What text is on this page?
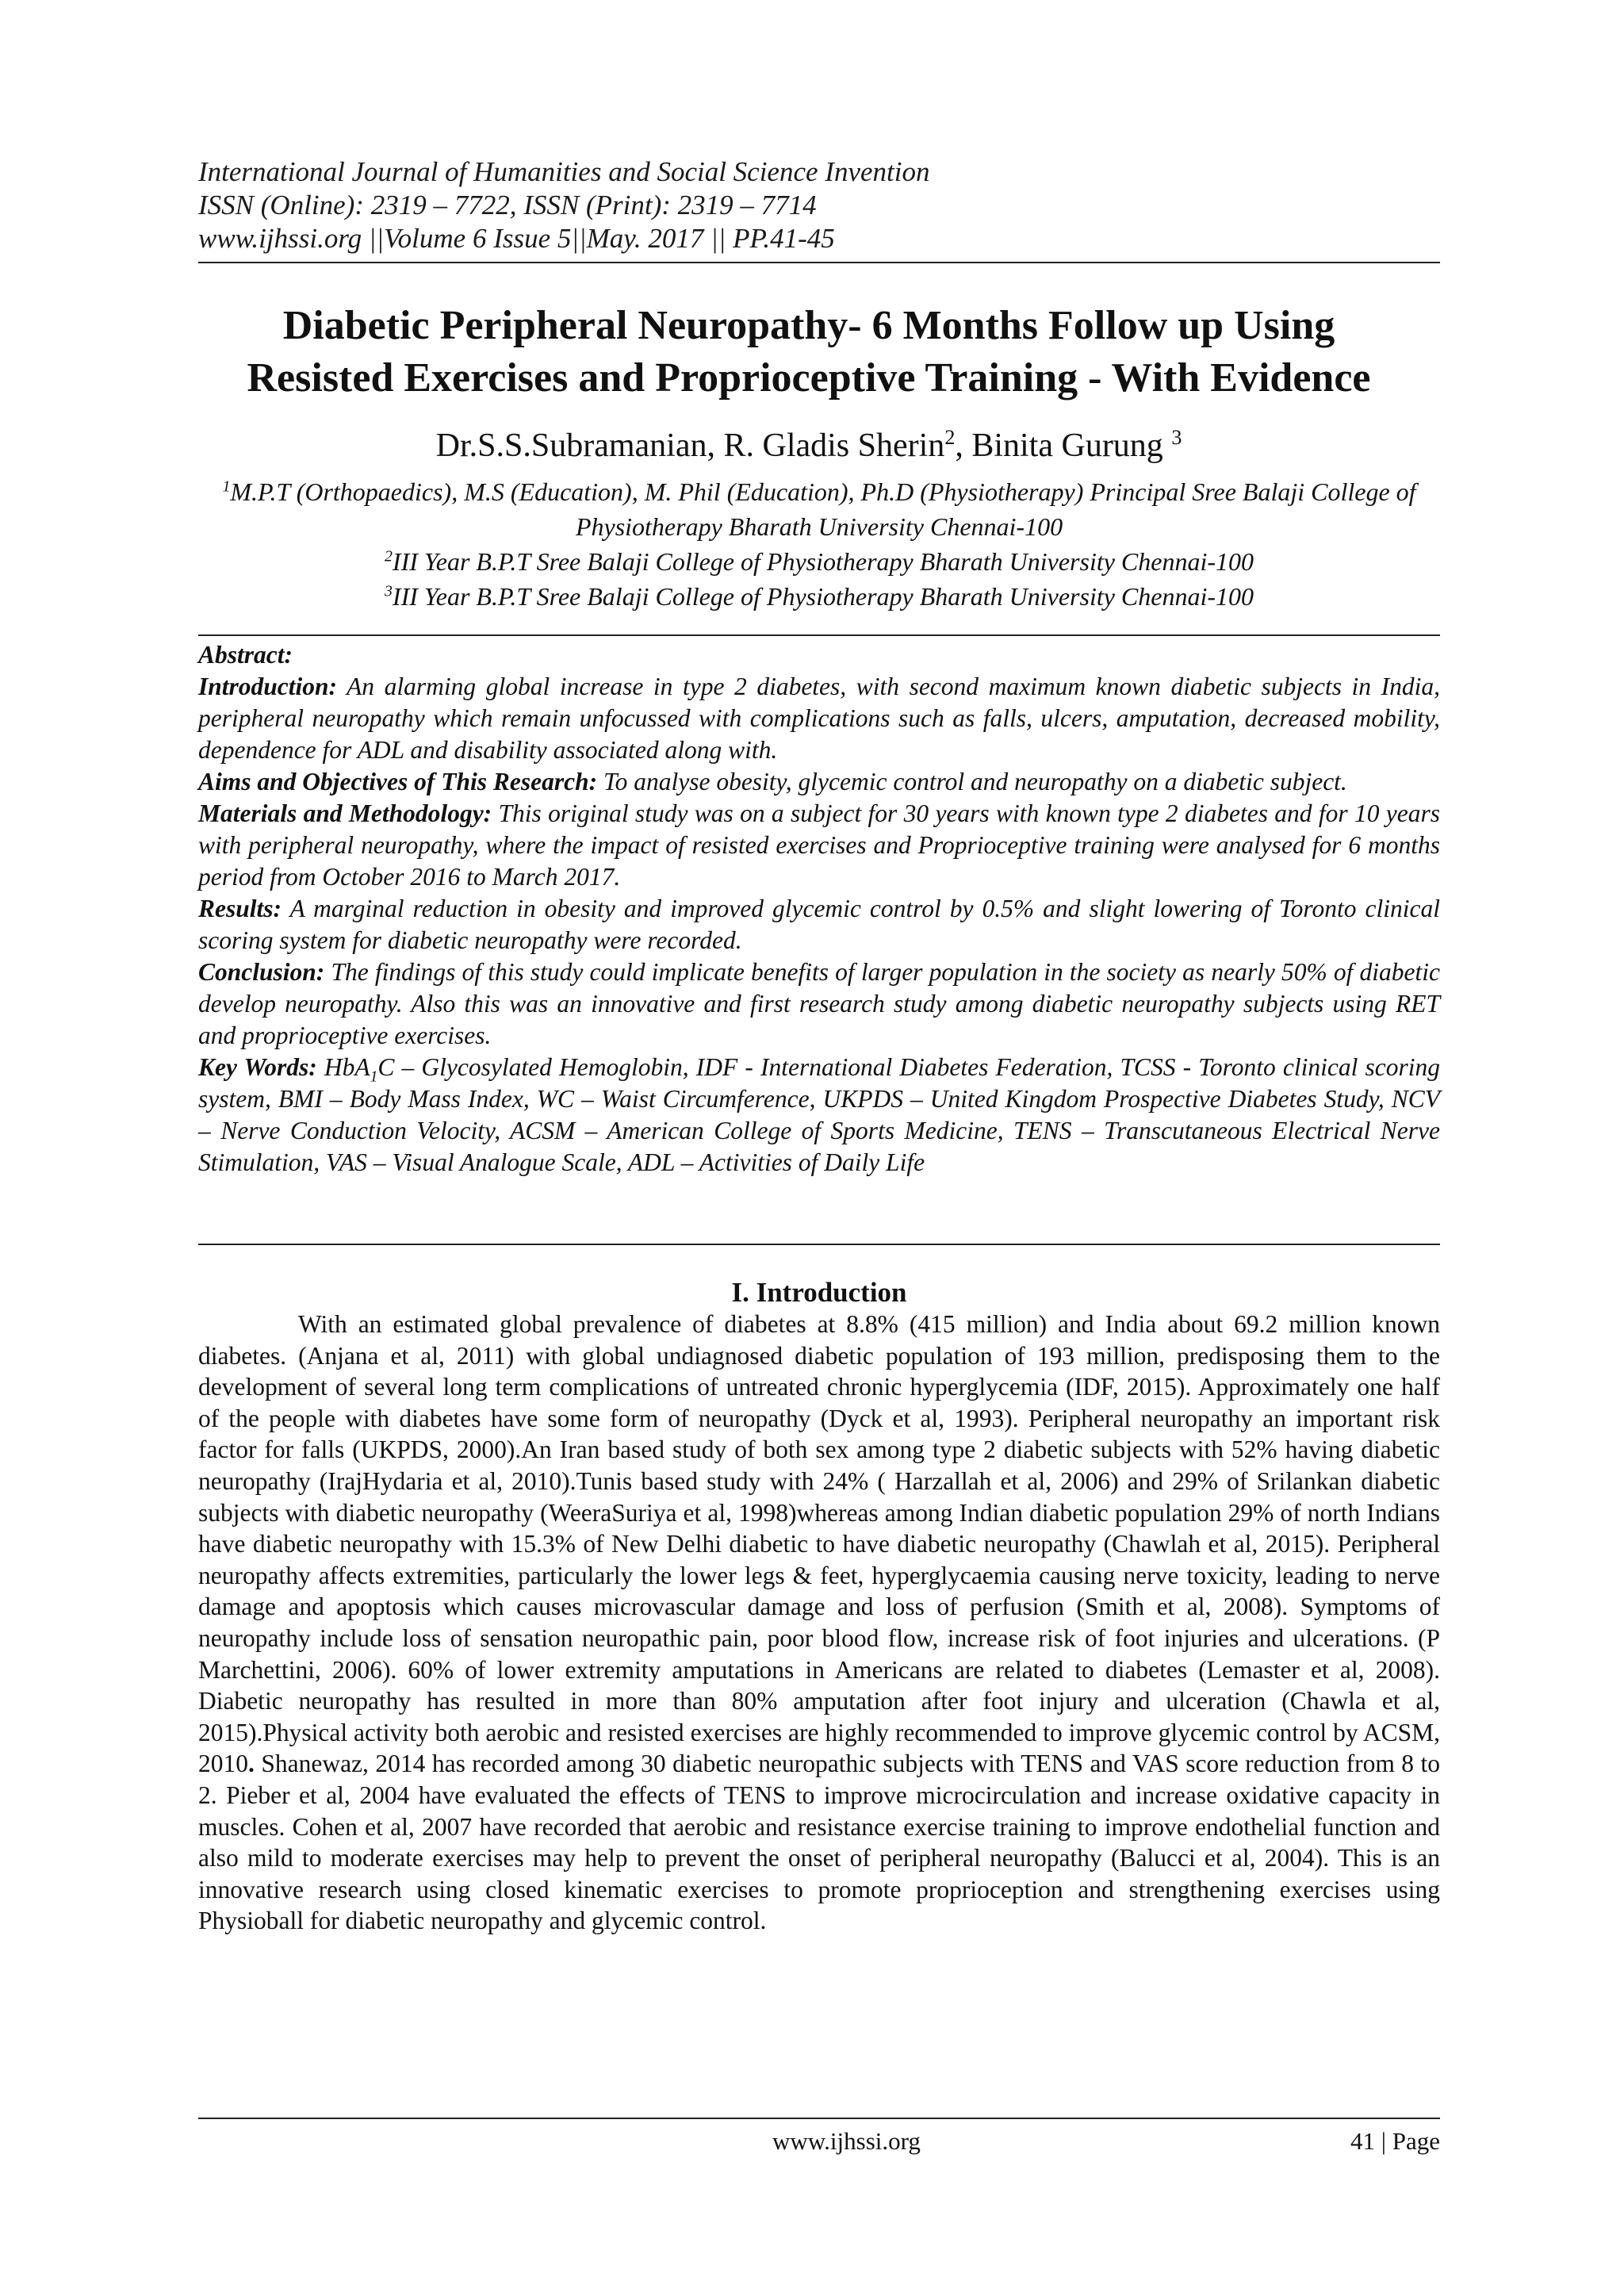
International Journal of Humanities and Social Science Invention
ISSN (Online): 2319 – 7722, ISSN (Print): 2319 – 7714
www.ijhssi.org ||Volume 6 Issue 5||May. 2017 || PP.41-45
Diabetic Peripheral Neuropathy- 6 Months Follow up Using
Resisted Exercises and Proprioceptive Training - With Evidence
Dr.S.S.Subramanian, R. Gladis Sherin$^2$, Binita Gurung $^3$
$^1$M.P.T (Orthopaedics), M.S (Education), M. Phil (Education), Ph.D (Physiotherapy) Principal Sree Balaji College of Physiotherapy Bharath University Chennai-100
$^2$III Year B.P.T Sree Balaji College of Physiotherapy Bharath University Chennai-100
$^3$III Year B.P.T Sree Balaji College of Physiotherapy Bharath University Chennai-100

Abstract:

Introduction: An alarming global increase in type 2 diabetes, with second maximum known diabetic subjects in India, peripheral neuropathy which remain unfocussed with complications such as falls, ulcers, amputation, decreased mobility, dependence for ADL and disability associated along with.

Aims and Objectives of This Research: To analyse obesity, glycemic control and neuropathy on a diabetic subject.

Materials and Methodology: This original study was on a subject for 30 years with known type 2 diabetes and for 10 years with peripheral neuropathy, where the impact of resisted exercises and Proprioceptive training were analysed for 6 months period from October 2016 to March 2017.

Results: A marginal reduction in obesity and improved glycemic control by 0.5% and slight lowering of Toronto clinical scoring system for diabetic neuropathy were recorded.

Conclusion: The findings of this study could implicate benefits of larger population in the society as nearly 50% of diabetic develop neuropathy. Also this was an innovative and first research study among diabetic neuropathy subjects using RET and proprioceptive exercises.

Key Words: HbA$_1$C – Glycosylated Hemoglobin, IDF - International Diabetes Federation, TCSS - Toronto clinical scoring system, BMI – Body Mass Index, WC – Waist Circumference, UKPDS – United Kingdom Prospective Diabetes Study, NCV – Nerve Conduction Velocity, ACSM – American College of Sports Medicine, TENS – Transcutaneous Electrical Nerve Stimulation, VAS – Visual Analogue Scale, ADL – Activities of Daily Life

I. Introduction

With an estimated global prevalence of diabetes at 8.8% (415 million) and India about 69.2 million known diabetes. (Anjana et al, 2011) with global undiagnosed diabetic population of 193 million, predisposing them to the development of several long term complications of untreated chronic hyperglycemia (IDF, 2015). Approximately one half of the people with diabetes have some form of neuropathy (Dyck et al, 1993). Peripheral neuropathy an important risk factor for falls (UKPDS, 2000).An Iran based study of both sex among type 2 diabetic subjects with 52% having diabetic neuropathy (IrajHydaria et al, 2010).Tunis based study with 24% ( Harzallah et al, 2006) and 29% of Srilankan diabetic subjects with diabetic neuropathy (WeeraSuriya et al, 1998)whereas among Indian diabetic population 29% of north Indians have diabetic neuropathy with 15.3% of New Delhi diabetic to have diabetic neuropathy (Chawlah et al, 2015). Peripheral neuropathy affects extremities, particularly the lower legs & feet, hyperglycaemia causing nerve toxicity, leading to nerve damage and apoptosis which causes microvascular damage and loss of perfusion (Smith et al, 2008). Symptoms of neuropathy include loss of sensation neuropathic pain, poor blood flow, increase risk of foot injuries and ulcerations. (P Marchettini, 2006). 60% of lower extremity amputations in Americans are related to diabetes (Lemaster et al, 2008). Diabetic neuropathy has resulted in more than 80% amputation after foot injury and ulceration (Chawla et al, 2015).Physical activity both aerobic and resisted exercises are highly recommended to improve glycemic control by ACSM, 2010. Shanewaz, 2014 has recorded among 30 diabetic neuropathic subjects with TENS and VAS score reduction from 8 to 2. Pieber et al, 2004 have evaluated the effects of TENS to improve microcirculation and increase oxidative capacity in muscles. Cohen et al, 2007 have recorded that aerobic and resistance exercise training to improve endothelial function and also mild to moderate exercises may help to prevent the onset of peripheral neuropathy (Balucci et al, 2004). This is an innovative research using closed kinematic exercises to promote proprioception and strengthening exercises using Physioball for diabetic neuropathy and glycemic control.

www.ijhssi.org	41 | Page
